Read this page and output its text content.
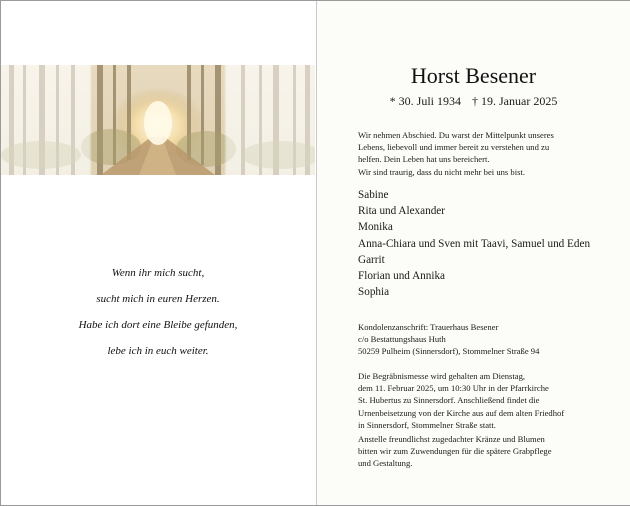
Wenn ihr mich sucht,
sucht mich in euren Herzen.
Habe ich dort eine Bleibe gefunden,
lebe ich in euch weiter.
Horst Besener
* 30. Juli 1934 † 19. Januar 2025

Wir nehmen Abschied. Du warst der Mittelpunkt unseres

Lebens, liebevoll und immer bereit zu verstehen und zu

helfen. Dein Leben hat uns bereichert.

Wir sind traurig, dass du nicht mehr bei uns bist.

Sabine
Rita und Alexander
Monika
Anna-Chiara und Sven mit Taavi, Samuel und Eden
Garrit
Florian und Annika
Sophia

Kondolenzanschrift: Trauerhaus Besener

c/o Bestattungshaus Huth

50259 Pulheim (Sinnersdorf), Stommelner Straße 94

Die Begräbnismesse wird gehalten am Dienstag,

dem 11. Februar 2025, um 10:30 Uhr in der Pfarrkirche

St. Hubertus zu Sinnersdorf. Anschließend findet die

Urnenbeisetzung von der Kirche aus auf dem alten Friedhof

in Sinnersdorf, Stommelner Straße statt.

Anstelle freundlichst zugedachter Kränze und Blumen

bitten wir zum Zuwendungen für die spätere Grabpflege

und Gestaltung.
